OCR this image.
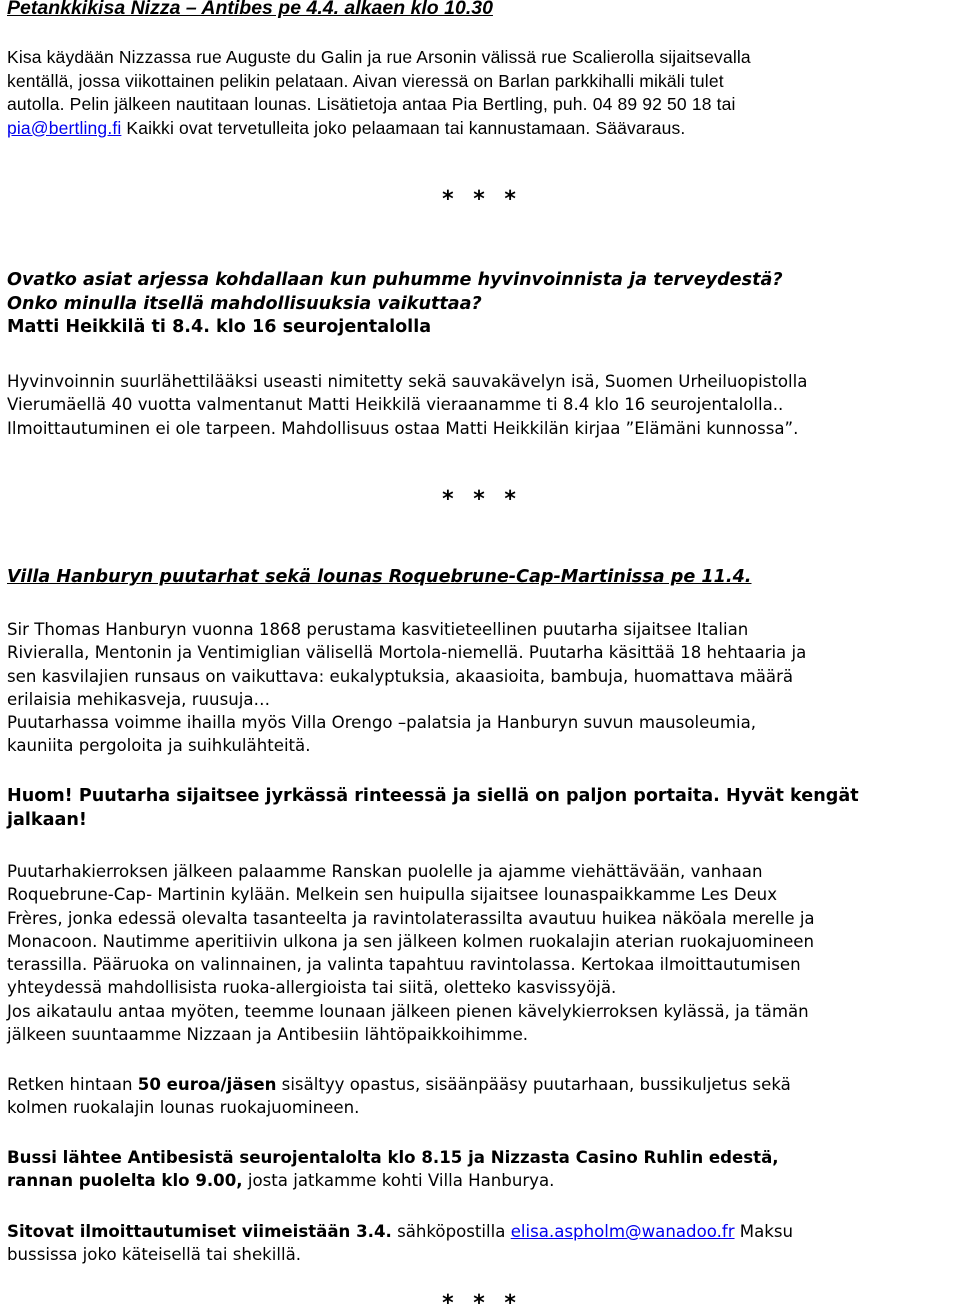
Petankkikisa Nizza – Antibes pe 4.4. alkaen klo 10.30

Kisa käydään Nizzassa rue Auguste du Galin ja rue Arsonin välissä rue Scalierolla sijaitsevalla

kentällä, jossa viikottainen pelikin pelataan. Aivan vieressä on Barlan parkkihalli mikäli tulet

autolla. Pelin jälkeen nautitaan lounas. Lisätietoja antaa Pia Bertling, puh. 04 89 92 50 18 tai

pia@bertling.fi Kaikki ovat tervetulleita joko pelaamaan tai kannustamaan. Säävaraus.

* * *

Ovatko asiat arjessa kohdallaan kun puhumme hyvinvoinnista ja terveydestä?

Onko minulla itsellä mahdollisuuksia vaikuttaa?

Matti Heikkilä ti 8.4. klo 16 seurojentalolla

Hyvinvoinnin suurlähettilääksi useasti nimitetty sekä sauvakävelyn isä, Suomen Urheiluopistolla

Vierumäellä 40 vuotta valmentanut Matti Heikkilä vieraanamme ti 8.4 klo 16 seurojentalolla..

Ilmoittautuminen ei ole tarpeen. Mahdollisuus ostaa Matti Heikkilän kirjaa ”Elämäni kunnossa”.

* * *
Villa Hanburyn puutarhat sekä lounas Roquebrune-Cap-Martinissa pe 11.4.

Sir Thomas Hanburyn vuonna 1868 perustama kasvitieteellinen puutarha sijaitsee Italian

Rivieralla, Mentonin ja Ventimiglian välisellä Mortola-niemellä. Puutarha käsittää 18 hehtaaria ja

sen kasvilajien runsaus on vaikuttava: eukalyptuksia, akaasioita, bambuja, huomattava määrä

erilaisia mehikasveja, ruusuja…

Puutarhassa voimme ihailla myös Villa Orengo –palatsia ja Hanburyn suvun mausoleumia,

kauniita pergoloita ja suihkulähteitä.

Huom! Puutarha sijaitsee jyrkässä rinteessä ja siellä on paljon portaita. Hyvät kengät

jalkaan!

Puutarhakierroksen jälkeen palaamme Ranskan puolelle ja ajamme viehättävään, vanhaan

Roquebrune-Cap- Martinin kylään. Melkein sen huipulla sijaitsee lounaspaikkamme Les Deux

Frères, jonka edessä olevalta tasanteelta ja ravintolaterassilta avautuu huikea näköala merelle ja

Monacoon. Nautimme aperitiivin ulkona ja sen jälkeen kolmen ruokalajin aterian ruokajuomineen

terassilla. Pääruoka on valinnainen, ja valinta tapahtuu ravintolassa. Kertokaa ilmoittautumisen

yhteydessä mahdollisista ruoka-allergioista tai siitä, oletteko kasvissyöjä.

Jos aikataulu antaa myöten, teemme lounaan jälkeen pienen kävelykierroksen kylässä, ja tämän

jälkeen suuntaamme Nizzaan ja Antibesiin lähtöpaikkoihimme.

Retken hintaan 50 euroa/jäsen sisältyy opastus, sisäänpääsy puutarhaan, bussikuljetus sekä

kolmen ruokalajin lounas ruokajuomineen.

Bussi lähtee Antibesistä seurojentalolta klo 8.15 ja Nizzasta Casino Ruhlin edestä,

rannan puolelta klo 9.00, josta jatkamme kohti Villa Hanburya.

Sitovat ilmoittautumiset viimeistään 3.4. sähköpostilla elisa.aspholm@wanadoo.fr Maksu

bussissa joko käteisellä tai shekillä.

* * *
